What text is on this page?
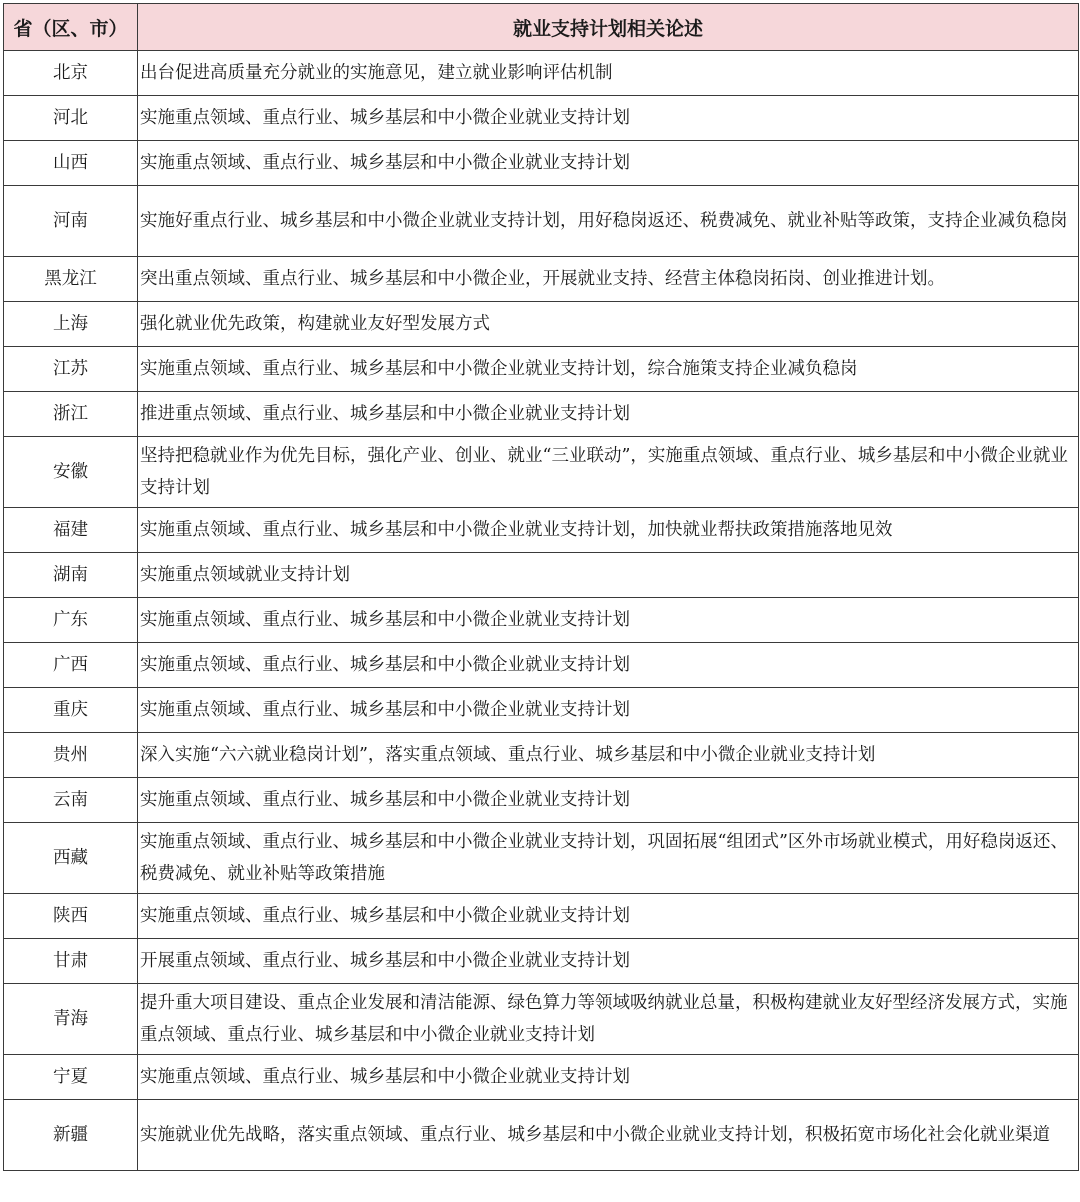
省（区、市）	就业支持计划相关论述
北京	出台促进高质量充分就业的实施意见，建立就业影响评估机制
河北	实施重点领域、重点行业、城乡基层和中小微企业就业支持计划
山西	实施重点领域、重点行业、城乡基层和中小微企业就业支持计划
河南	实施好重点行业、城乡基层和中小微企业就业支持计划，用好稳岗返还、税费减免、就业补贴等政策，支持企业减负稳岗
黑龙江	突出重点领域、重点行业、城乡基层和中小微企业，开展就业支持、经营主体稳岗拓岗、创业推进计划。
上海	强化就业优先政策，构建就业友好型发展方式
江苏	实施重点领域、重点行业、城乡基层和中小微企业就业支持计划，综合施策支持企业减负稳岗
浙江	推进重点领域、重点行业、城乡基层和中小微企业就业支持计划
安徽	坚持把稳就业作为优先目标，强化产业、创业、就业“三业联动”，实施重点领域、重点行业、城乡基层和中小微企业就业支持计划
福建	实施重点领域、重点行业、城乡基层和中小微企业就业支持计划，加快就业帮扶政策措施落地见效
湖南	实施重点领域就业支持计划
广东	实施重点领域、重点行业、城乡基层和中小微企业就业支持计划
广西	实施重点领域、重点行业、城乡基层和中小微企业就业支持计划
重庆	实施重点领域、重点行业、城乡基层和中小微企业就业支持计划
贵州	深入实施“六六就业稳岗计划”，落实重点领域、重点行业、城乡基层和中小微企业就业支持计划
云南	实施重点领域、重点行业、城乡基层和中小微企业就业支持计划
西藏	实施重点领域、重点行业、城乡基层和中小微企业就业支持计划，巩固拓展“组团式”区外市场就业模式，用好稳岗返还、税费减免、就业补贴等政策措施
陕西	实施重点领域、重点行业、城乡基层和中小微企业就业支持计划
甘肃	开展重点领域、重点行业、城乡基层和中小微企业就业支持计划
青海	提升重大项目建设、重点企业发展和清洁能源、绿色算力等领域吸纳就业总量，积极构建就业友好型经济发展方式，实施重点领域、重点行业、城乡基层和中小微企业就业支持计划
宁夏	实施重点领域、重点行业、城乡基层和中小微企业就业支持计划
新疆	实施就业优先战略，落实重点领域、重点行业、城乡基层和中小微企业就业支持计划，积极拓宽市场化社会化就业渠道
